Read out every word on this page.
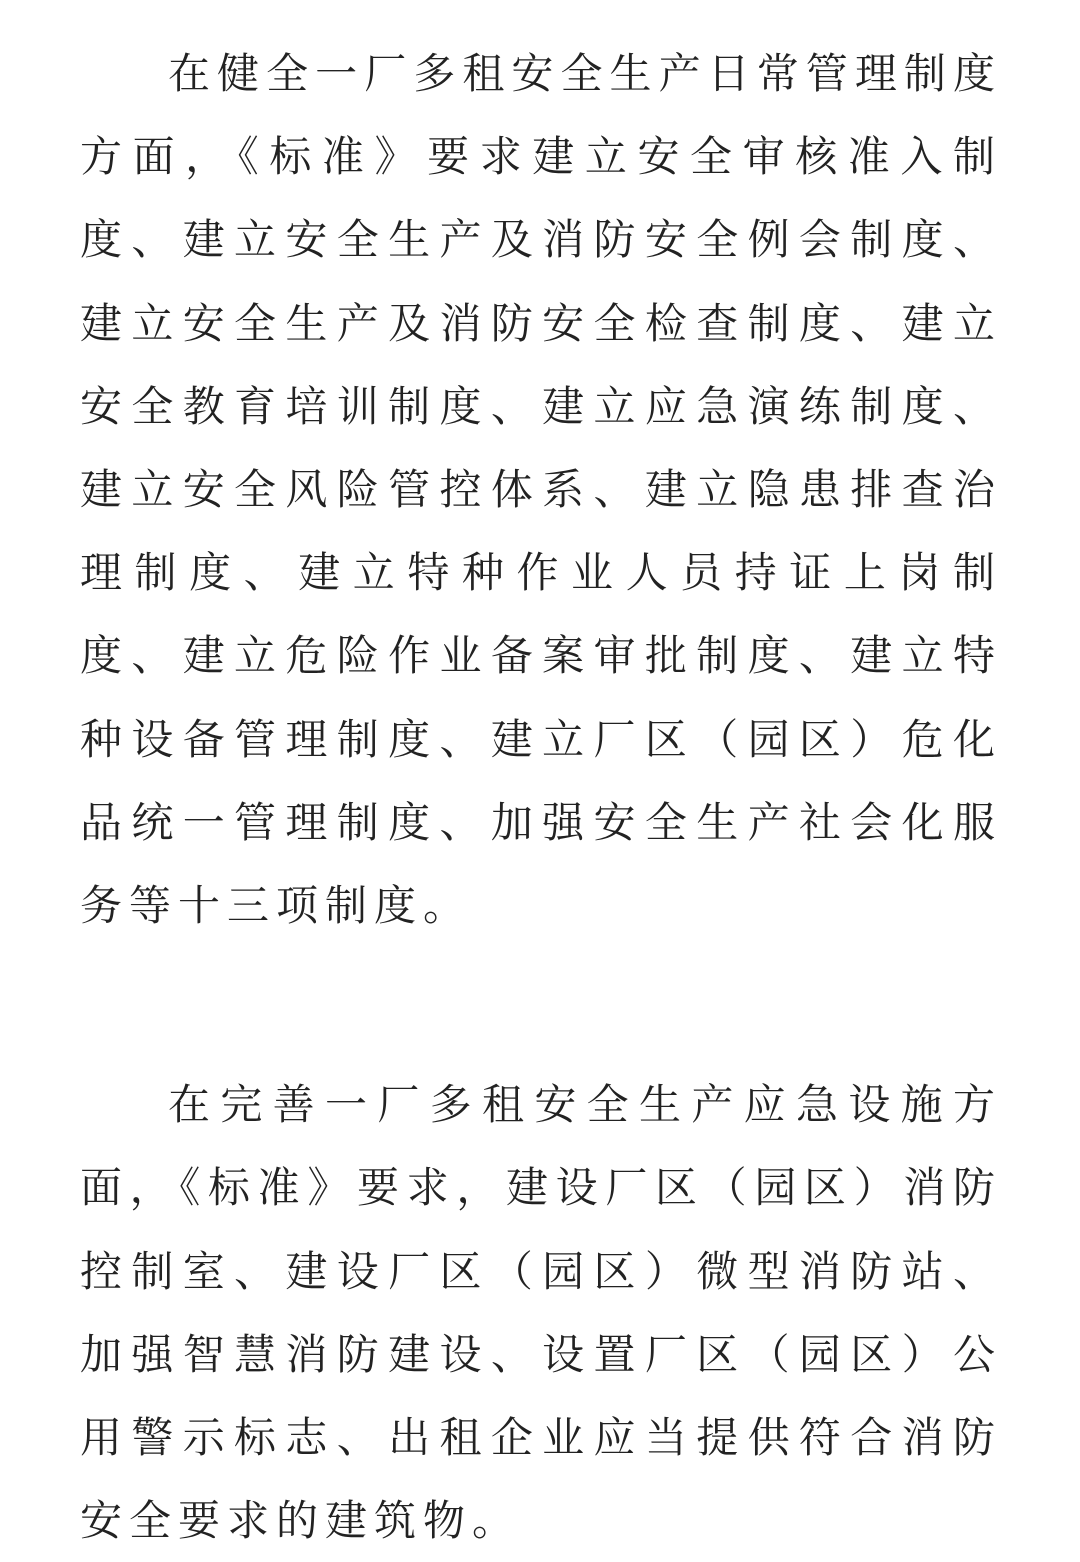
在健全一厂多租安全生产日常管理制度方面，《标准》要求建立安全审核准入制度、建立安全生产及消防安全例会制度、建立安全生产及消防安全检查制度、建立安全教育培训制度、建立应急演练制度、建立安全风险管控体系、建立隐患排查治理制度、建立特种作业人员持证上岗制度、建立危险作业备案审批制度、建立特种设备管理制度、建立厂区（园区）危化品统一管理制度、加强安全生产社会化服务等十三项制度。

在完善一厂多租安全生产应急设施方面，《标准》要求，建设厂区（园区）消防控制室、建设厂区（园区）微型消防站、加强智慧消防建设、设置厂区（园区）公用警示标志、出租企业应当提供符合消防安全要求的建筑物。
